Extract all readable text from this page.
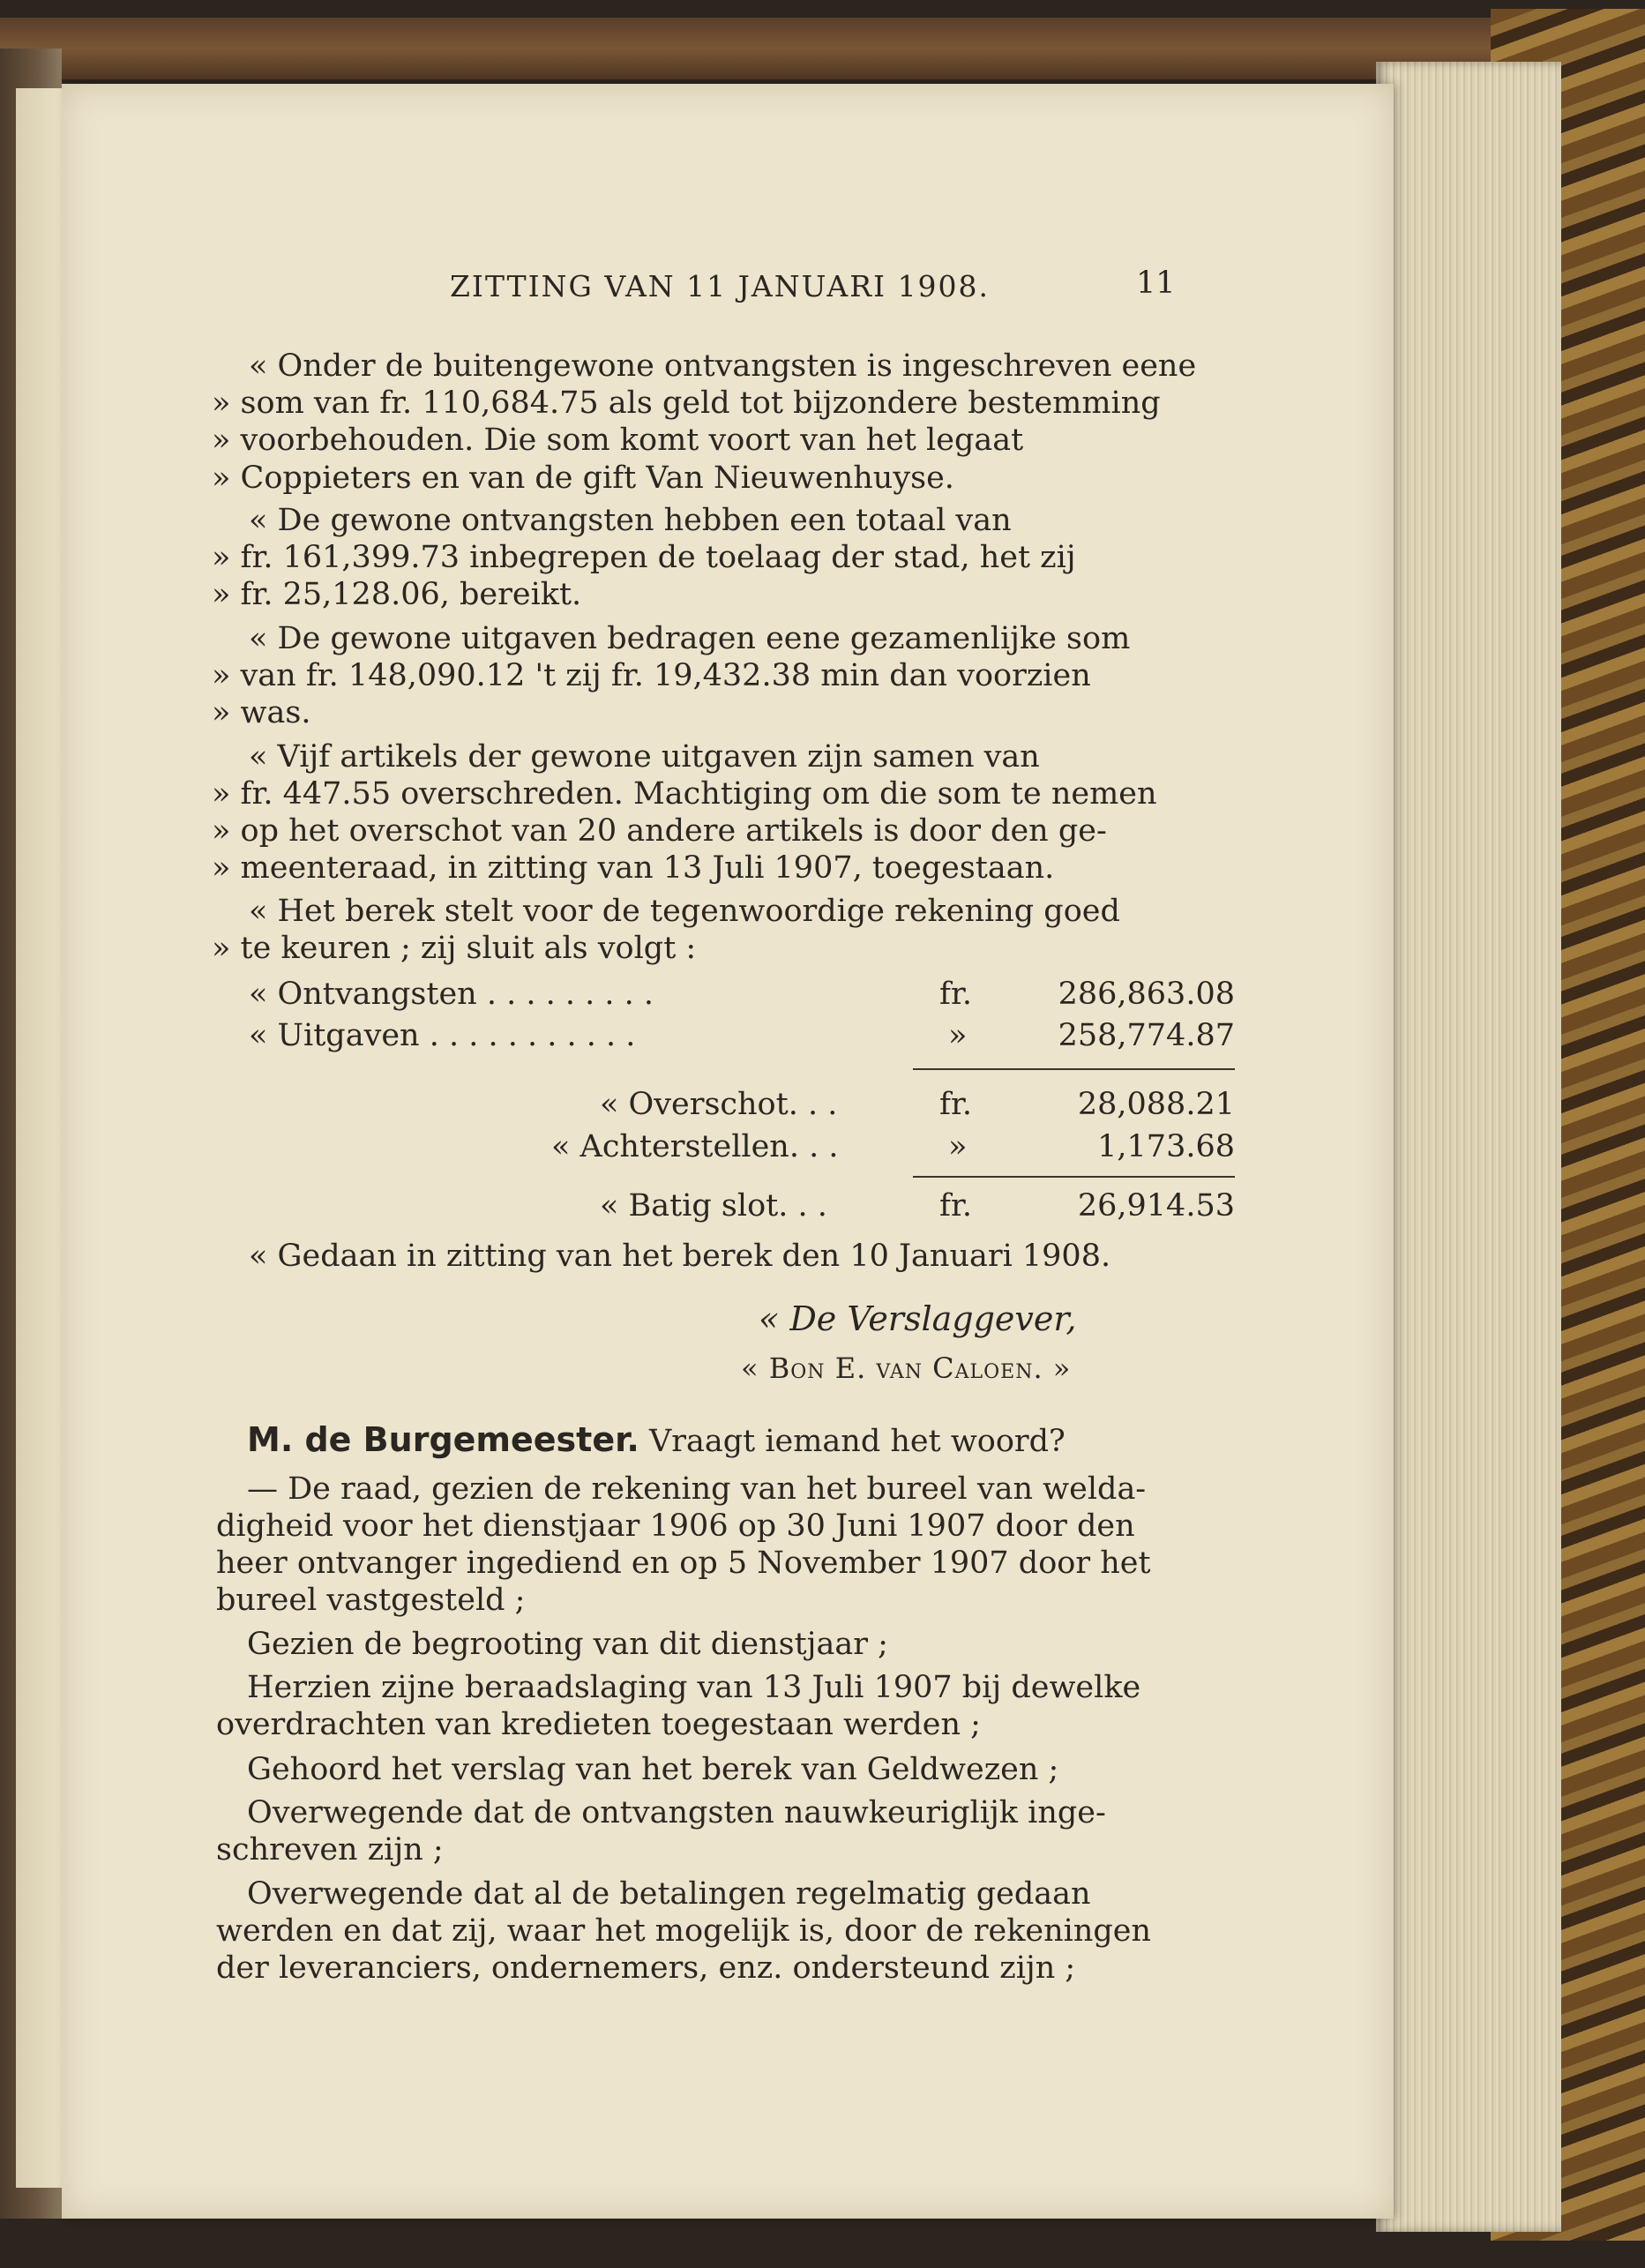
ZITTING VAN 11 JANUARI 1908.	11
« Onder de buitengewone ontvangsten is ingeschreven eene
» som van fr. 110,684.75 als geld tot bijzondere bestemming
» voorbehouden. Die som komt voort van het legaat
» Coppieters en van de gift Van Nieuwenhuyse.
« De gewone ontvangsten hebben een totaal van
» fr. 161,399.73 inbegrepen de toelaag der stad, het zij
» fr. 25,128.06, bereikt.
« De gewone uitgaven bedragen eene gezamenlijke som
» van fr. 148,090.12 't zij fr. 19,432.38 min dan voorzien
» was.
« Vijf artikels der gewone uitgaven zijn samen van
» fr. 447.55 overschreden. Machtiging om die som te nemen
» op het overschot van 20 andere artikels is door den ge-
» meenteraad, in zitting van 13 Juli 1907, toegestaan.
« Het berek stelt voor de tegenwoordige rekening goed
» te keuren ; zij sluit als volgt :
« Ontvangsten . . . . . . . . .	fr.	286,863.08
« Uitgaven . . . . . . . . . . .	»	258,774.87
« Overschot. . .	fr.	28,088.21
« Achterstellen. . .	»	1,173.68
« Batig slot. . .	fr.	26,914.53
« Gedaan in zitting van het berek den 10 Januari 1908.
« De Verslaggever,
« Bon E. van Caloen. »
M. de Burgemeester. Vraagt iemand het woord?
— De raad, gezien de rekening van het bureel van welda-
digheid voor het dienstjaar 1906 op 30 Juni 1907 door den
heer ontvanger ingediend en op 5 November 1907 door het
bureel vastgesteld ;
Gezien de begrooting van dit dienstjaar ;
Herzien zijne beraadslaging van 13 Juli 1907 bij dewelke
overdrachten van kredieten toegestaan werden ;
Gehoord het verslag van het berek van Geldwezen ;
Overwegende dat de ontvangsten nauwkeuriglijk inge-
schreven zijn ;
Overwegende dat al de betalingen regelmatig gedaan
werden en dat zij, waar het mogelijk is, door de rekeningen
der leveranciers, ondernemers, enz. ondersteund zijn ;
